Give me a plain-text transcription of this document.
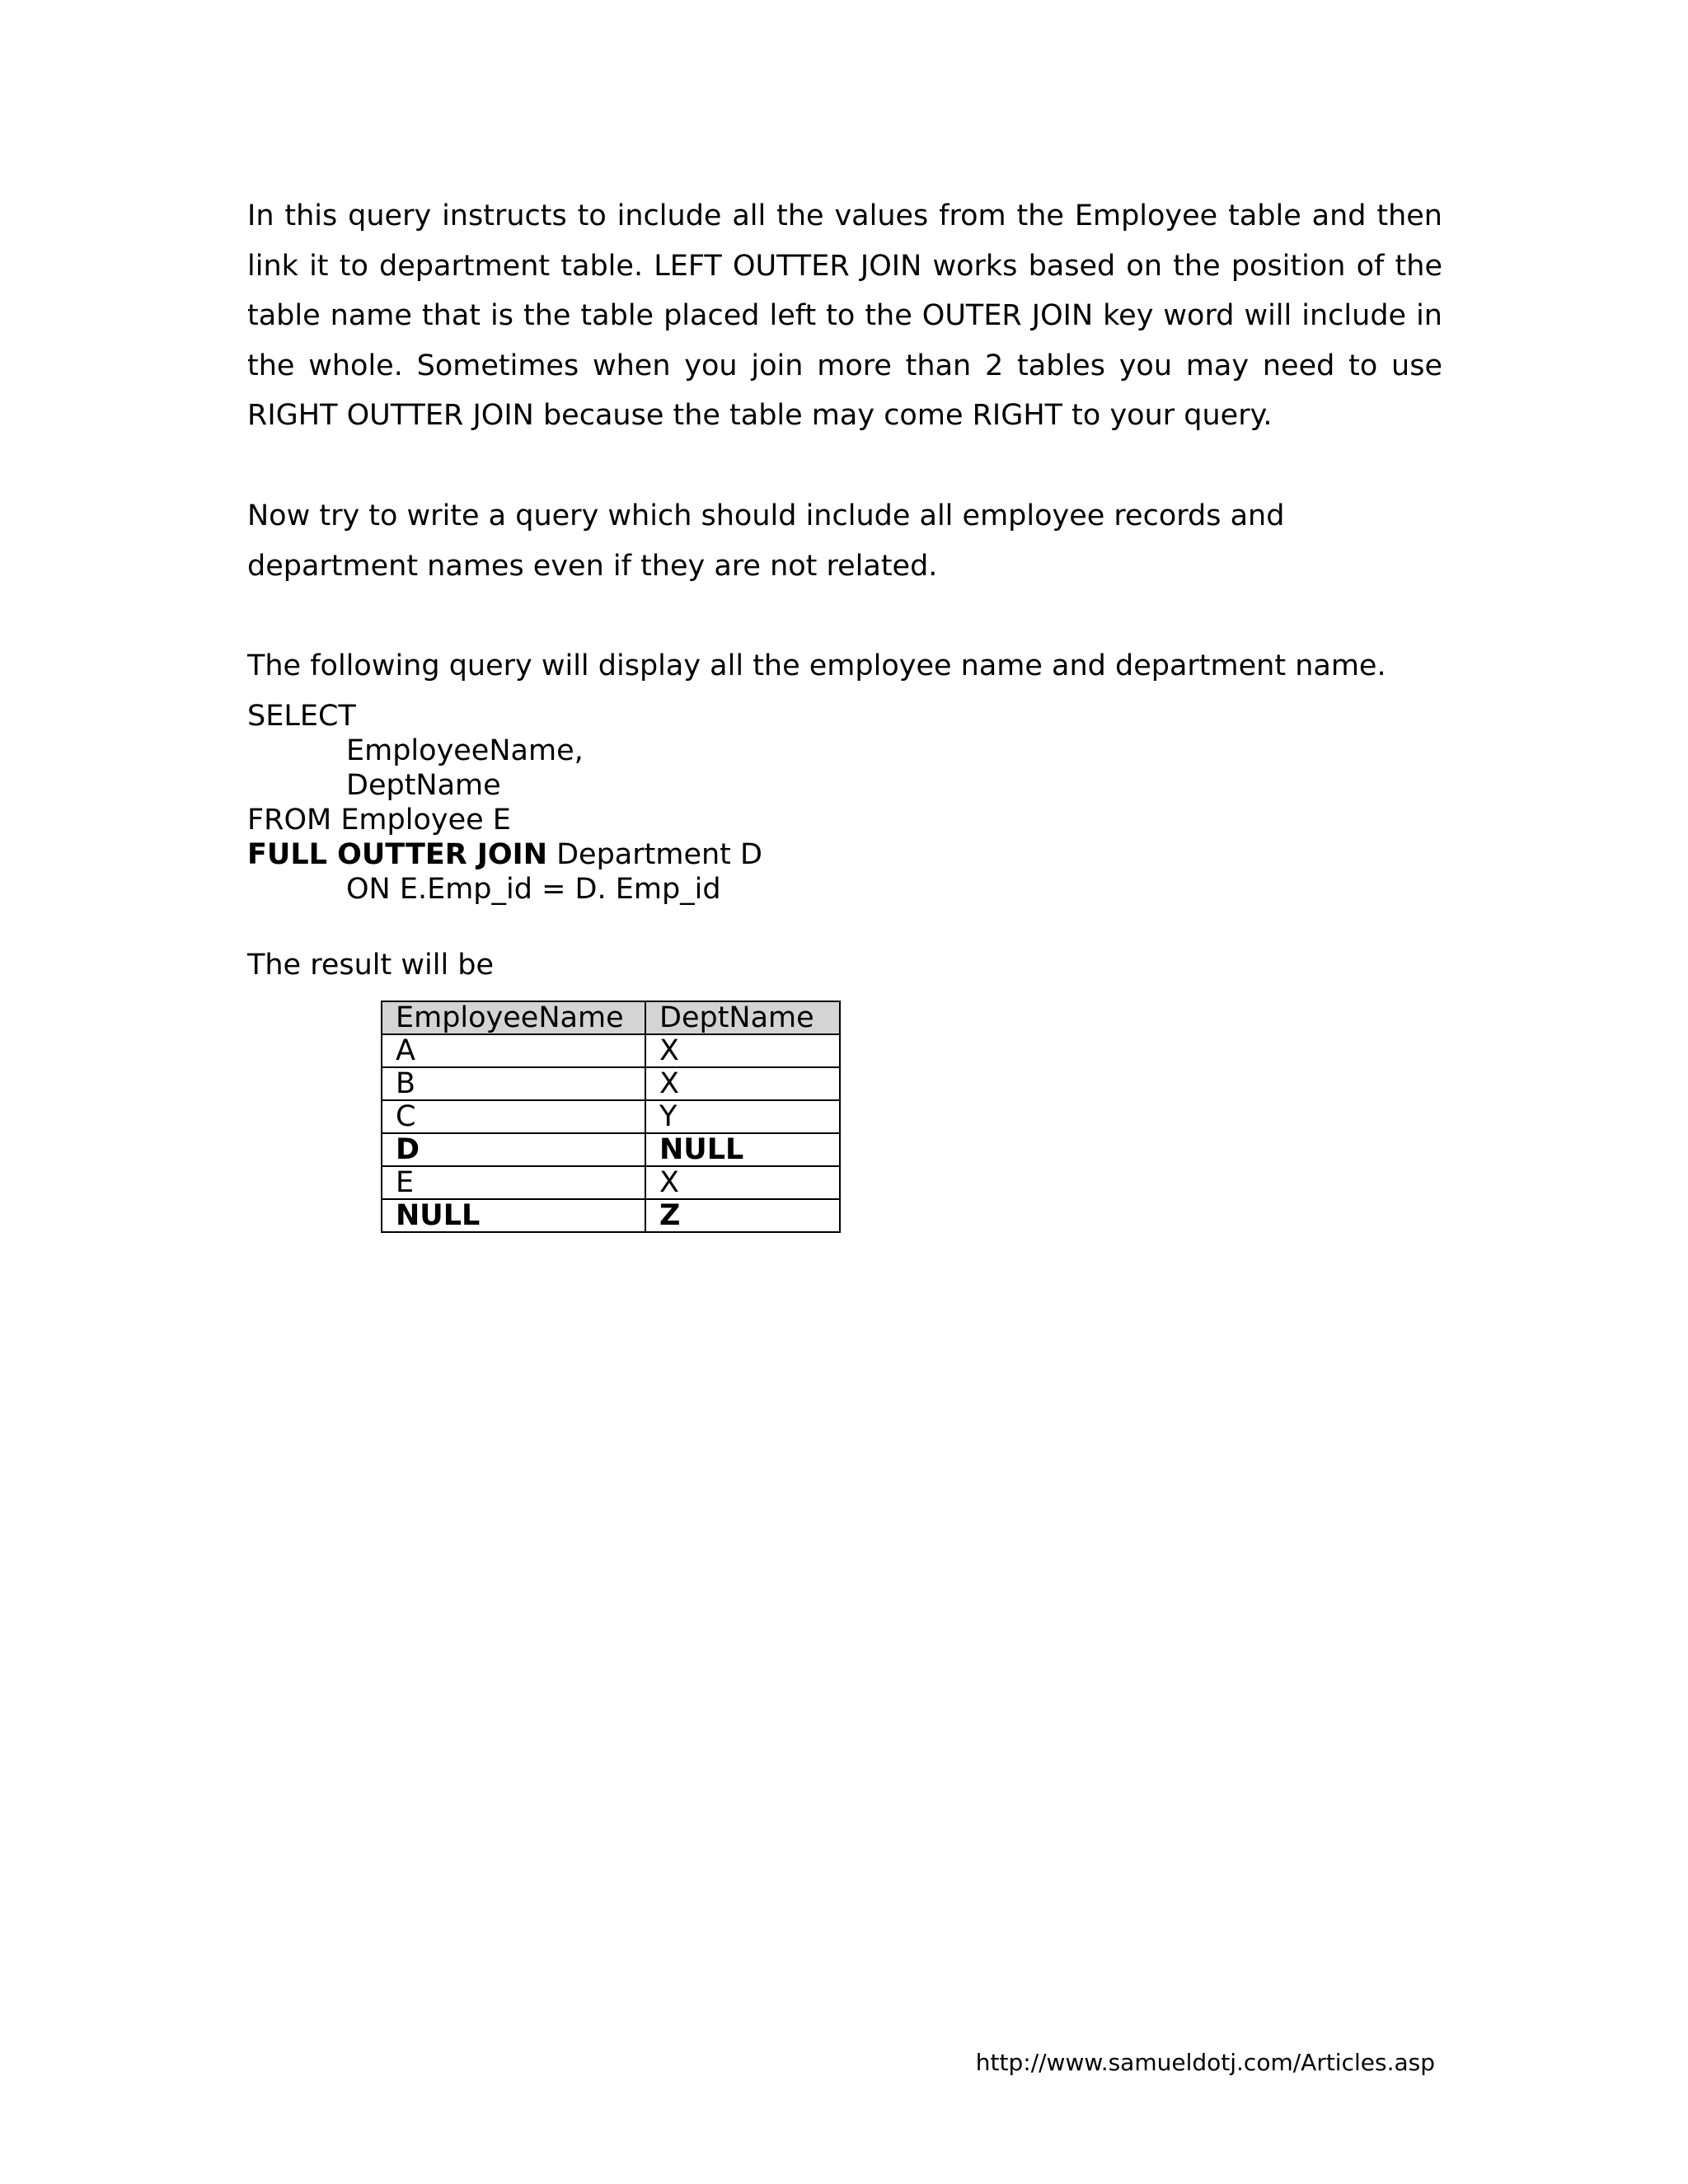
In this query instructs to include all the values from the Employee table and then link it to department table. LEFT OUTTER JOIN works based on the position of the table name that is the table placed left to the OUTER JOIN key word will include in the whole. Sometimes when you join more than 2 tables you may need to use RIGHT OUTTER JOIN because the table may come RIGHT to your query.

Now try to write a query which should include all employee records and department names even if they are not related.

The following query will display all the employee name and department name.

SELECT
EmployeeName,
DeptName
FROM Employee E
FULL OUTTER JOIN Department D
ON E.Emp_id = D. Emp_id

The result will be

EmployeeName	DeptName
A	X
B	X
C	Y
D	NULL
E	X
NULL	Z

http://www.samueldotj.com/Articles.asp
